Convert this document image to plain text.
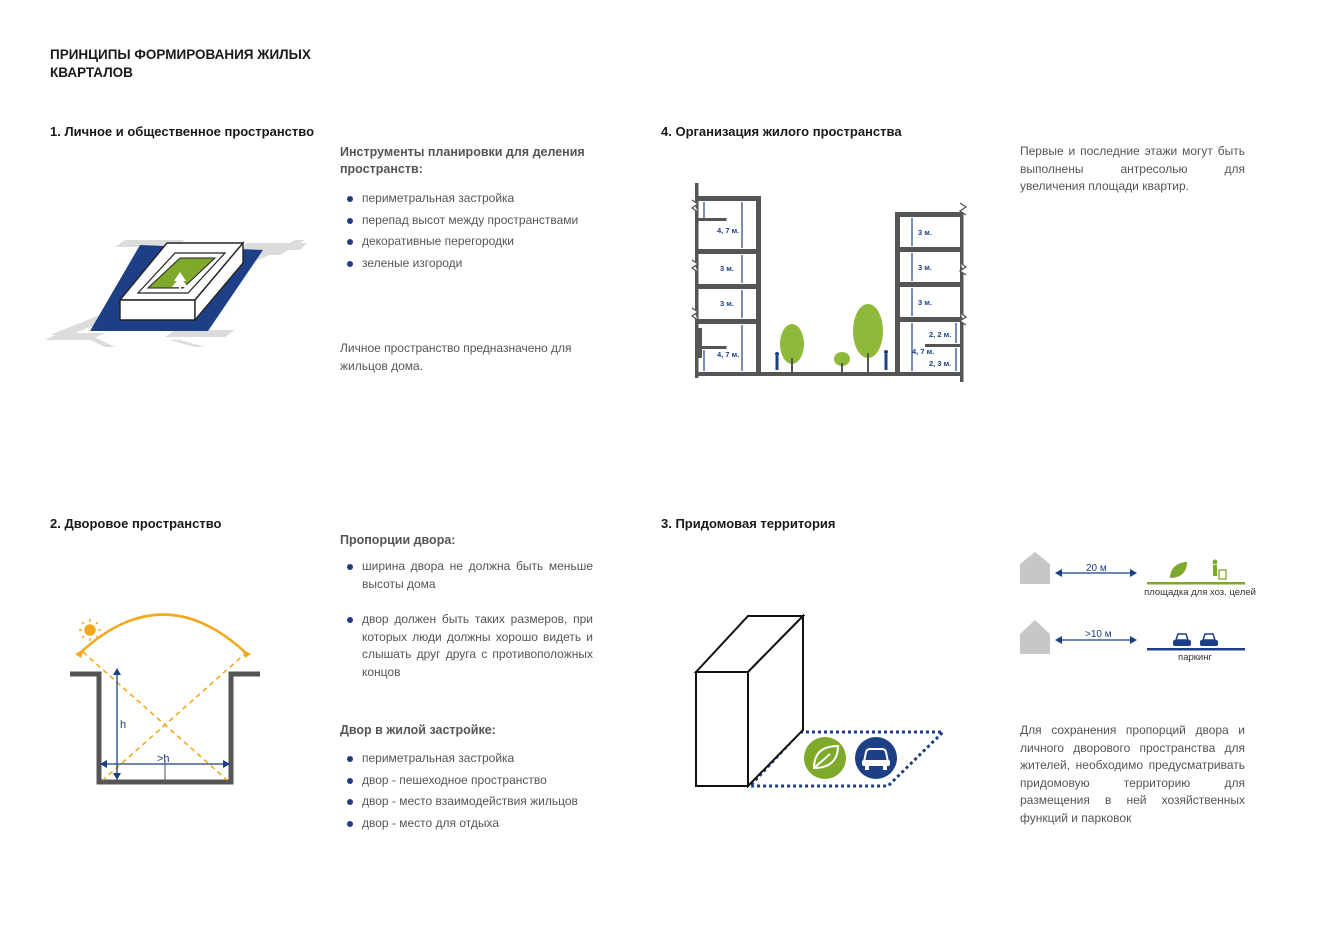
ПРИНЦИПЫ ФОРМИРОВАНИЯ ЖИЛЫХ КВАРТАЛОВ
1. Личное и общественное пространство
Инструменты планировки для деления пространств:
периметральная застройка
перепад высот между пространствами
декоративные перегородки
зеленые изгороди
Личное пространство предназначено для жильцов дома.
2. Дворовое пространство
Пропорции двора:
ширина двора не должна быть меньше высоты дома
двор должен быть таких размеров, при которых люди должны хорошо видеть и слышать друг друга с противоположных концов
Двор в жилой застройке:
периметральная застройка
двор - пешеходное пространство
двор - место взаимодействия жильцов
двор - место для отдыха
h
>h
4. Организация жилого пространства
Первые и последние этажи могут быть выполнены антресолью для увеличения площади квартир.
4, 7 м.
3 м.
3 м.
4, 7 м.
3 м.
3 м.
3 м.
2, 2 м.
4, 7 м.
2, 3 м.
3. Придомовая территория
20 м
>10 м
площадка для хоз. целей
паркинг
Для сохранения пропорций двора и личного дворового пространства для жителей, необходимо предусматривать придомовую территорию для размещения в ней хозяйственных функций и парковок
